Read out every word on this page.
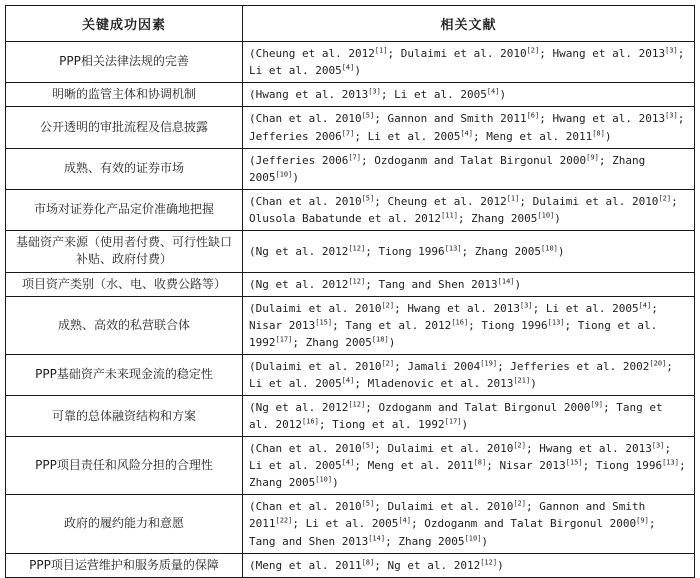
关键成功因素	相关文献
PPP相关法律法规的完善	(Cheung et al. 2012[1]; Dulaimi et al. 2010[2]; Hwang et al. 2013[3]; Li et al. 2005[4])
明晰的监管主体和协调机制	(Hwang et al. 2013[3]; Li et al. 2005[4])
公开透明的审批流程及信息披露	(Chan et al. 2010[5]; Gannon and Smith 2011[6]; Hwang et al. 2013[3]; Jefferies 2006[7]; Li et al. 2005[4]; Meng et al. 2011[8])
成熟、有效的证券市场	(Jefferies 2006[7]; Ozdoganm and Talat Birgonul 2000[9]; Zhang 2005[10])
市场对证券化产品定价准确地把握	(Chan et al. 2010[5]; Cheung et al. 2012[1]; Dulaimi et al. 2010[2]; Olusola Babatunde et al. 2012[11]; Zhang 2005[10])
基础资产来源（使用者付费、可行性缺口补贴、政府付费）	(Ng et al. 2012[12]; Tiong 1996[13]; Zhang 2005[10])
项目资产类别（水、电、收费公路等）	(Ng et al. 2012[12]; Tang and Shen 2013[14])
成熟、高效的私营联合体	(Dulaimi et al. 2010[2]; Hwang et al. 2013[3]; Li et al. 2005[4]; Nisar 2013[15]; Tang et al. 2012[16]; Tiong 1996[13]; Tiong et al. 1992[17]; Zhang 2005[18])
PPP基础资产未来现金流的稳定性	(Dulaimi et al. 2010[2]; Jamali 2004[19]; Jefferies et al. 2002[20]; Li et al. 2005[4]; Mladenovic et al. 2013[21])
可靠的总体融资结构和方案	(Ng et al. 2012[12]; Ozdoganm and Talat Birgonul 2000[9]; Tang et al. 2012[16]; Tiong et al. 1992[17])
PPP项目责任和风险分担的合理性	(Chan et al. 2010[5]; Dulaimi et al. 2010[2]; Hwang et al. 2013[3]; Li et al. 2005[4]; Meng et al. 2011[8]; Nisar 2013[15]; Tiong 1996[13]; Zhang 2005[10])
政府的履约能力和意愿	(Chan et al. 2010[5]; Dulaimi et al. 2010[2]; Gannon and Smith 2011[22]; Li et al. 2005[4]; Ozdoganm and Talat Birgonul 2000[9]; Tang and Shen 2013[14]; Zhang 2005[10])
PPP项目运营维护和服务质量的保障	(Meng et al. 2011[8]; Ng et al. 2012[12])
